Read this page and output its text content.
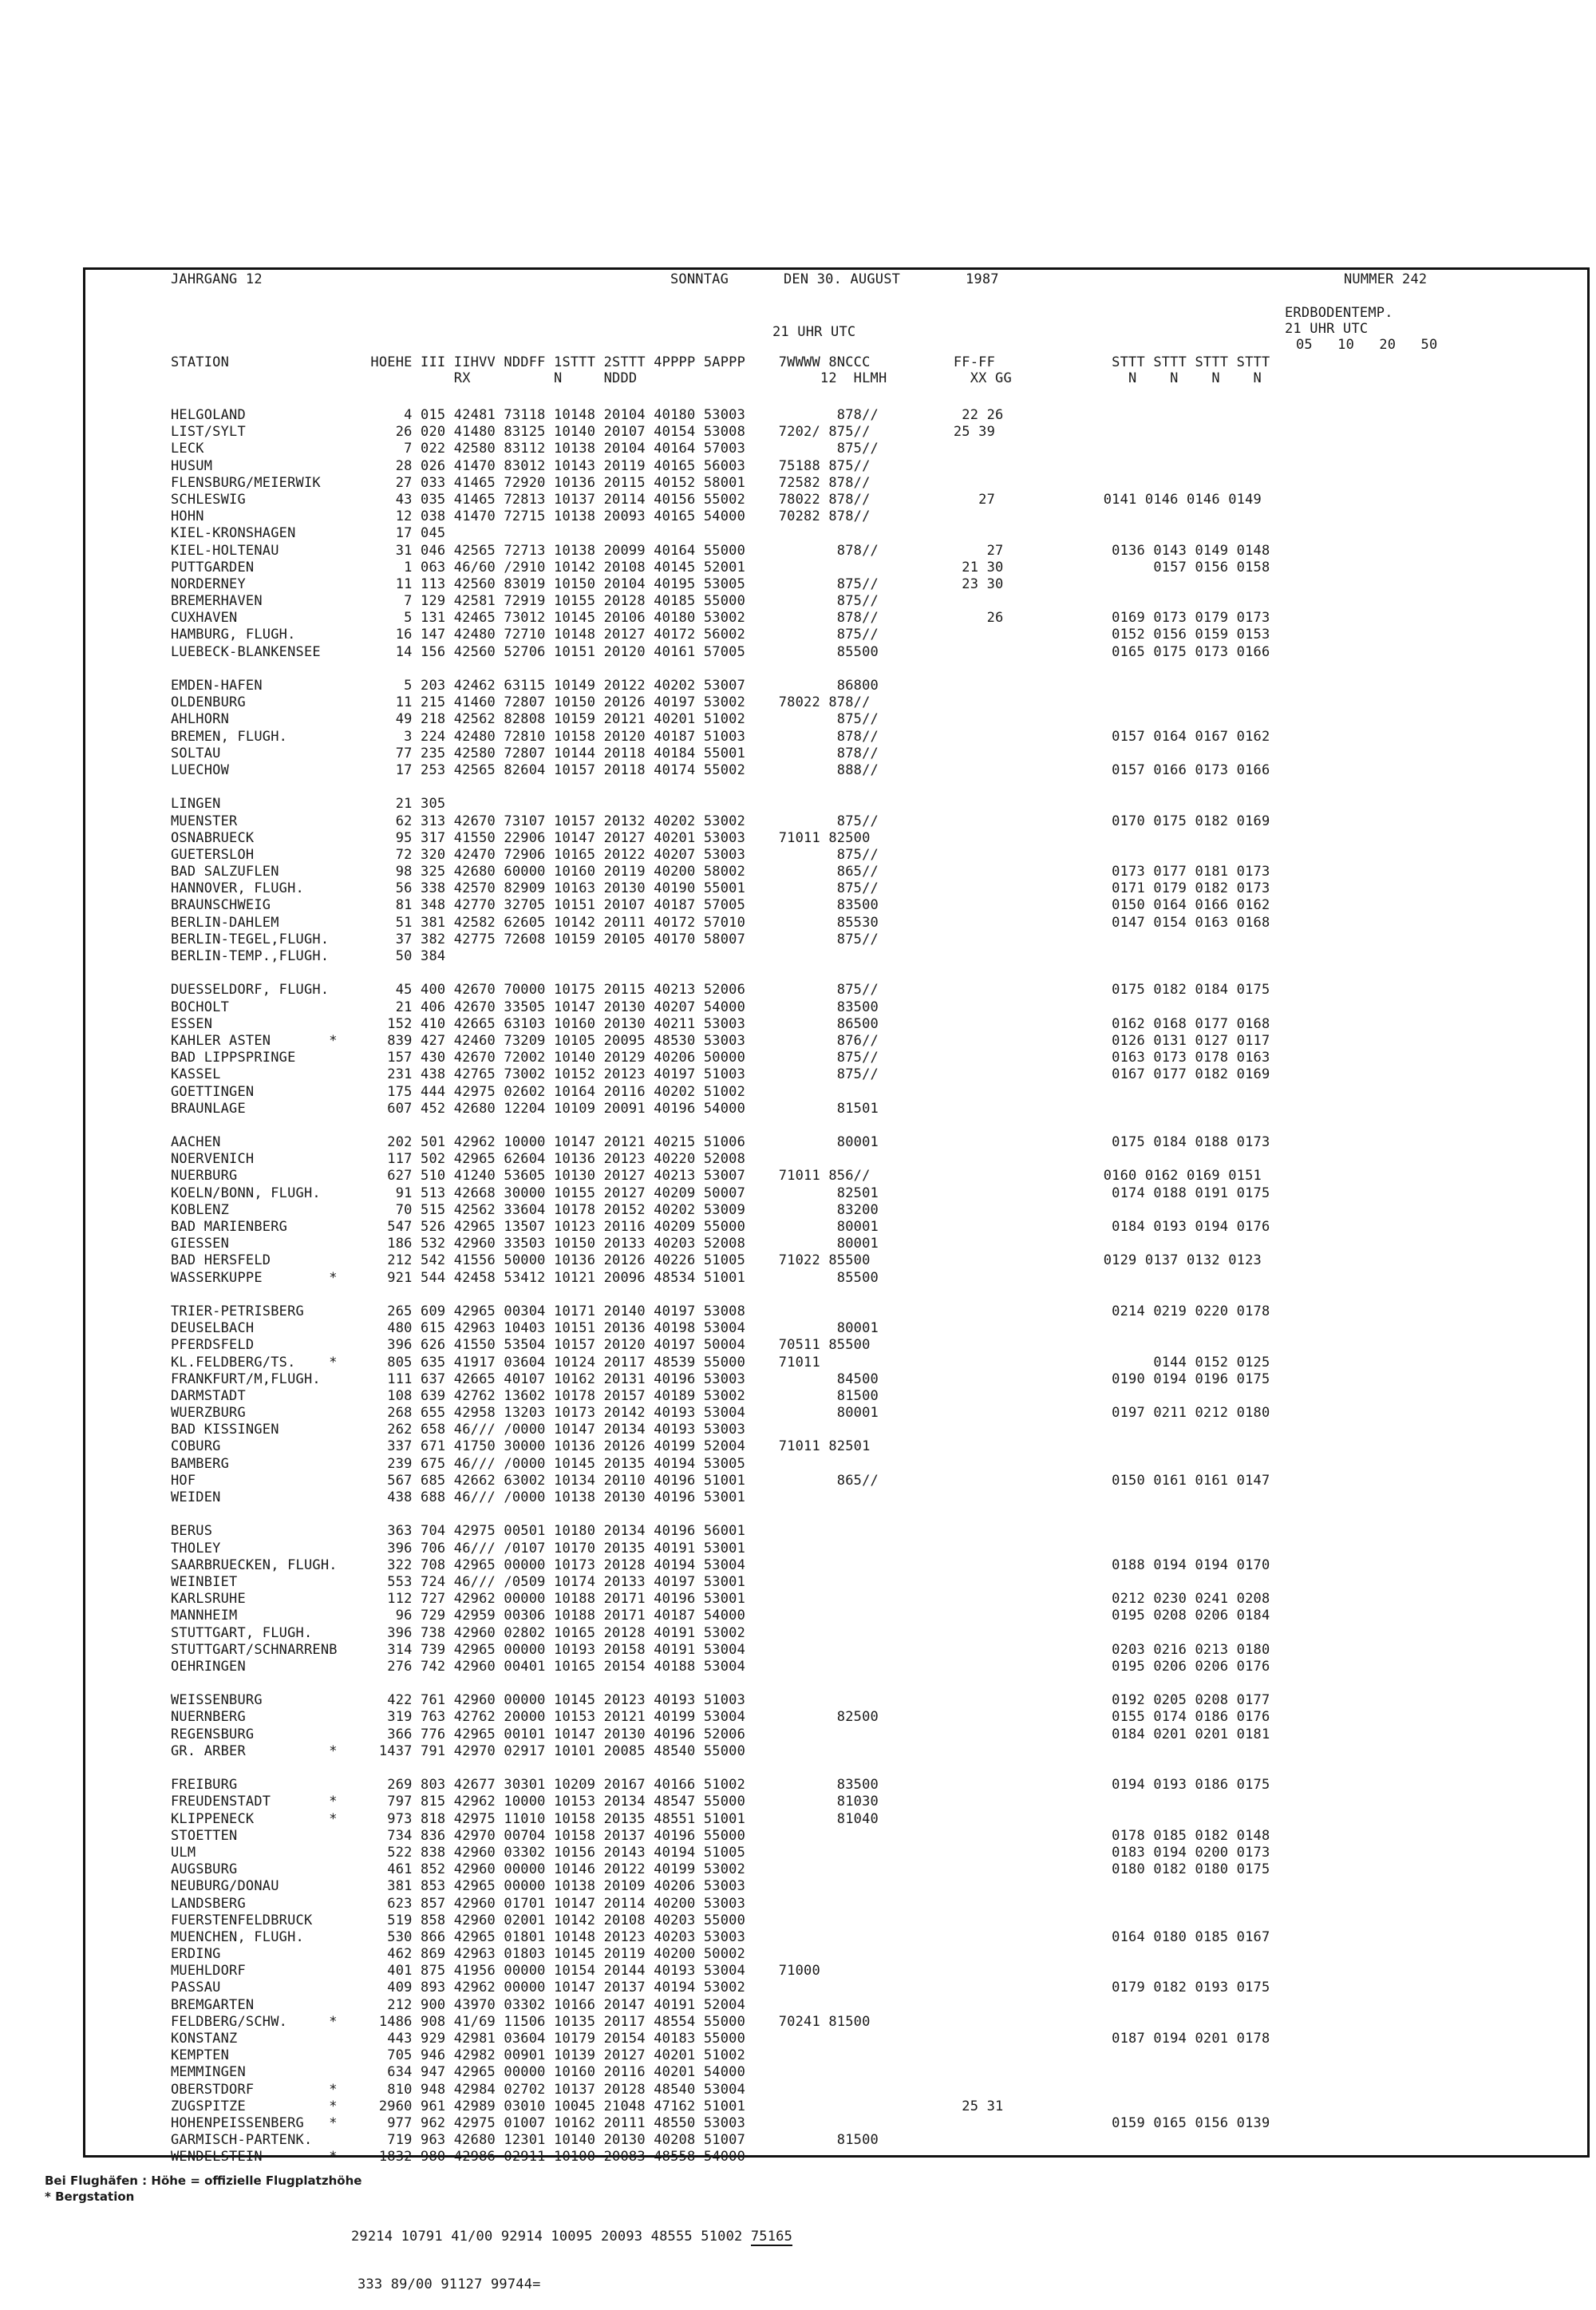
JAHRGANG 12	SONNTAG	DEN 30. AUGUST	1987	NUMMER 242
ERDBODENTEMP.
21 UHR UTC
21 UHR UTC
05   10   20   50
STATION                 HOEHE III IIHVV NDDFF 1STTT 2STTT 4PPPP 5APPP    7WWWW 8NCCC          FF-FF              STTT STTT STTT STTT
RX          N     NDDD                      12  HLMH          XX GG              N    N    N    N
HELGOLAND                   4 015 42481 73118 10148 20104 40180 53003           878//          22 26
LIST/SYLT                  26 020 41480 83125 10140 20107 40154 53008    7202/ 875//          25 39
LECK                        7 022 42580 83112 10138 20104 40164 57003           875//
HUSUM                      28 026 41470 83012 10143 20119 40165 56003    75188 875//
FLENSBURG/MEIERWIK         27 033 41465 72920 10136 20115 40152 58001    72582 878//
SCHLESWIG                  43 035 41465 72813 10137 20114 40156 55002    78022 878//             27             0141 0146 0146 0149
HOHN                       12 038 41470 72715 10138 20093 40165 54000    70282 878//
KIEL-KRONSHAGEN            17 045
KIEL-HOLTENAU              31 046 42565 72713 10138 20099 40164 55000           878//             27             0136 0143 0149 0148
PUTTGARDEN                  1 063 46/60 /2910 10142 20108 40145 52001                          21 30                  0157 0156 0158
NORDERNEY                  11 113 42560 83019 10150 20104 40195 53005           875//          23 30
BREMERHAVEN                 7 129 42581 72919 10155 20128 40185 55000           875//
CUXHAVEN                    5 131 42465 73012 10145 20106 40180 53002           878//             26             0169 0173 0179 0173
HAMBURG, FLUGH.            16 147 42480 72710 10148 20127 40172 56002           875//                            0152 0156 0159 0153
LUEBECK-BLANKENSEE         14 156 42560 52706 10151 20120 40161 57005           85500                            0165 0175 0173 0166
EMDEN-HAFEN                 5 203 42462 63115 10149 20122 40202 53007           86800
OLDENBURG                  11 215 41460 72807 10150 20126 40197 53002    78022 878//
AHLHORN                    49 218 42562 82808 10159 20121 40201 51002           875//
BREMEN, FLUGH.              3 224 42480 72810 10158 20120 40187 51003           878//                            0157 0164 0167 0162
SOLTAU                     77 235 42580 72807 10144 20118 40184 55001           878//
LUECHOW                    17 253 42565 82604 10157 20118 40174 55002           888//                            0157 0166 0173 0166
LINGEN                     21 305
MUENSTER                   62 313 42670 73107 10157 20132 40202 53002           875//                            0170 0175 0182 0169
OSNABRUECK                 95 317 41550 22906 10147 20127 40201 53003    71011 82500
GUETERSLOH                 72 320 42470 72906 10165 20122 40207 53003           875//
BAD SALZUFLEN              98 325 42680 60000 10160 20119 40200 58002           865//                            0173 0177 0181 0173
HANNOVER, FLUGH.           56 338 42570 82909 10163 20130 40190 55001           875//                            0171 0179 0182 0173
BRAUNSCHWEIG               81 348 42770 32705 10151 20107 40187 57005           83500                            0150 0164 0166 0162
BERLIN-DAHLEM              51 381 42582 62605 10142 20111 40172 57010           85530                            0147 0154 0163 0168
BERLIN-TEGEL,FLUGH.        37 382 42775 72608 10159 20105 40170 58007           875//
BERLIN-TEMP.,FLUGH.        50 384
DUESSELDORF, FLUGH.        45 400 42670 70000 10175 20115 40213 52006           875//                            0175 0182 0184 0175
BOCHOLT                    21 406 42670 33505 10147 20130 40207 54000           83500
ESSEN                     152 410 42665 63103 10160 20130 40211 53003           86500                            0162 0168 0177 0168
KAHLER ASTEN       *      839 427 42460 73209 10105 20095 48530 53003           876//                            0126 0131 0127 0117
BAD LIPPSPRINGE           157 430 42670 72002 10140 20129 40206 50000           875//                            0163 0173 0178 0163
KASSEL                    231 438 42765 73002 10152 20123 40197 51003           875//                            0167 0177 0182 0169
GOETTINGEN                175 444 42975 02602 10164 20116 40202 51002
BRAUNLAGE                 607 452 42680 12204 10109 20091 40196 54000           81501
AACHEN                    202 501 42962 10000 10147 20121 40215 51006           80001                            0175 0184 0188 0173
NOERVENICH                117 502 42965 62604 10136 20123 40220 52008
NUERBURG                  627 510 41240 53605 10130 20127 40213 53007    71011 856//                            0160 0162 0169 0151
KOELN/BONN, FLUGH.         91 513 42668 30000 10155 20127 40209 50007           82501                            0174 0188 0191 0175
KOBLENZ                    70 515 42562 33604 10178 20152 40202 53009           83200
BAD MARIENBERG            547 526 42965 13507 10123 20116 40209 55000           80001                            0184 0193 0194 0176
GIESSEN                   186 532 42960 33503 10150 20133 40203 52008           80001
BAD HERSFELD              212 542 41556 50000 10136 20126 40226 51005    71022 85500                            0129 0137 0132 0123
WASSERKUPPE        *      921 544 42458 53412 10121 20096 48534 51001           85500
TRIER-PETRISBERG          265 609 42965 00304 10171 20140 40197 53008                                            0214 0219 0220 0178
DEUSELBACH                480 615 42963 10403 10151 20136 40198 53004           80001
PFERDSFELD                396 626 41550 53504 10157 20120 40197 50004    70511 85500
KL.FELDBERG/TS.    *      805 635 41917 03604 10124 20117 48539 55000    71011                                        0144 0152 0125
FRANKFURT/M,FLUGH.        111 637 42665 40107 10162 20131 40196 53003           84500                            0190 0194 0196 0175
DARMSTADT                 108 639 42762 13602 10178 20157 40189 53002           81500
WUERZBURG                 268 655 42958 13203 10173 20142 40193 53004           80001                            0197 0211 0212 0180
BAD KISSINGEN             262 658 46/// /0000 10147 20134 40193 53003
COBURG                    337 671 41750 30000 10136 20126 40199 52004    71011 82501
BAMBERG                   239 675 46/// /0000 10145 20135 40194 53005
HOF                       567 685 42662 63002 10134 20110 40196 51001           865//                            0150 0161 0161 0147
WEIDEN                    438 688 46/// /0000 10138 20130 40196 53001
BERUS                     363 704 42975 00501 10180 20134 40196 56001
THOLEY                    396 706 46/// /0107 10170 20135 40191 53001
SAARBRUECKEN, FLUGH.      322 708 42965 00000 10173 20128 40194 53004                                            0188 0194 0194 0170
WEINBIET                  553 724 46/// /0509 10174 20133 40197 53001
KARLSRUHE                 112 727 42962 00000 10188 20171 40196 53001                                            0212 0230 0241 0208
MANNHEIM                   96 729 42959 00306 10188 20171 40187 54000                                            0195 0208 0206 0184
STUTTGART, FLUGH.         396 738 42960 02802 10165 20128 40191 53002
STUTTGART/SCHNARRENB      314 739 42965 00000 10193 20158 40191 53004                                            0203 0216 0213 0180
OEHRINGEN                 276 742 42960 00401 10165 20154 40188 53004                                            0195 0206 0206 0176
WEISSENBURG               422 761 42960 00000 10145 20123 40193 51003                                            0192 0205 0208 0177
NUERNBERG                 319 763 42762 20000 10153 20121 40199 53004           82500                            0155 0174 0186 0176
REGENSBURG                366 776 42965 00101 10147 20130 40196 52006                                            0184 0201 0201 0181
GR. ARBER          *     1437 791 42970 02917 10101 20085 48540 55000
FREIBURG                  269 803 42677 30301 10209 20167 40166 51002           83500                            0194 0193 0186 0175
FREUDENSTADT       *      797 815 42962 10000 10153 20134 48547 55000           81030
KLIPPENECK         *      973 818 42975 11010 10158 20135 48551 51001           81040
STOETTEN                  734 836 42970 00704 10158 20137 40196 55000                                            0178 0185 0182 0148
ULM                       522 838 42960 03302 10156 20143 40194 51005                                            0183 0194 0200 0173
AUGSBURG                  461 852 42960 00000 10146 20122 40199 53002                                            0180 0182 0180 0175
NEUBURG/DONAU             381 853 42965 00000 10138 20109 40206 53003
LANDSBERG                 623 857 42960 01701 10147 20114 40200 53003
FUERSTENFELDBRUCK         519 858 42960 02001 10142 20108 40203 55000
MUENCHEN, FLUGH.          530 866 42965 01801 10148 20123 40203 53003                                            0164 0180 0185 0167
ERDING                    462 869 42963 01803 10145 20119 40200 50002
MUEHLDORF                 401 875 41956 00000 10154 20144 40193 53004    71000
PASSAU                    409 893 42962 00000 10147 20137 40194 53002                                            0179 0182 0193 0175
BREMGARTEN                212 900 43970 03302 10166 20147 40191 52004
FELDBERG/SCHW.     *     1486 908 41/69 11506 10135 20117 48554 55000    70241 81500
KONSTANZ                  443 929 42981 03604 10179 20154 40183 55000                                            0187 0194 0201 0178
KEMPTEN                   705 946 42982 00901 10139 20127 40201 51002
MEMMINGEN                 634 947 42965 00000 10160 20116 40201 54000
OBERSTDORF         *      810 948 42984 02702 10137 20128 48540 53004
ZUGSPITZE          *     2960 961 42989 03010 10045 21048 47162 51001                          25 31
HOHENPEISSENBERG   *      977 962 42975 01007 10162 20111 48550 53003                                            0159 0165 0156 0139
GARMISCH-PARTENK.         719 963 42680 12301 10140 20130 40208 51007           81500
WENDELSTEIN        *     1832 980 42986 02911 10100 20083 48558 54000
Bei Flughäfen : Höhe = offizielle Flugplatzhöhe
* Bergstation

29214 10791 41/00 92914 10095 20093 48555 51002 75165

333 89/00 91127 99744=
